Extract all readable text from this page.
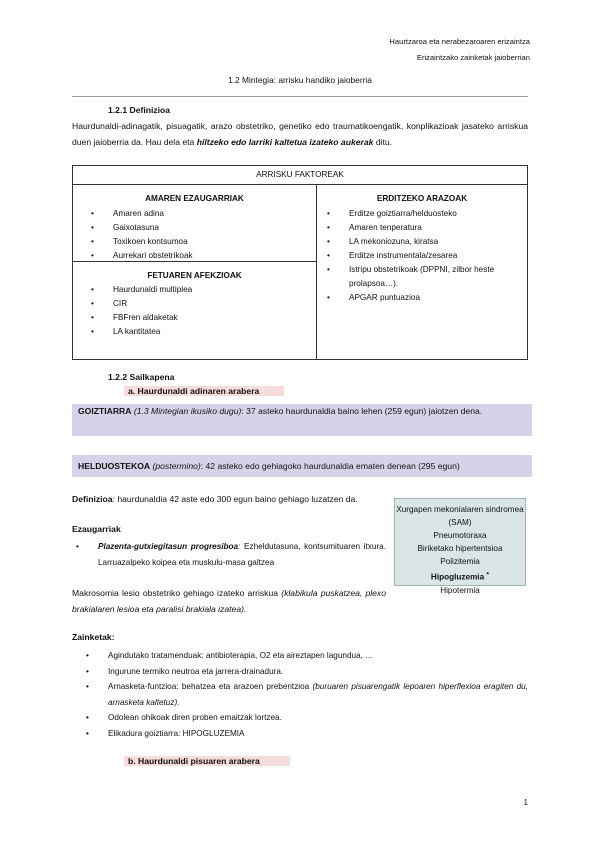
Haurtzaroa eta nerabezaroaren erizaintza
Erizaintzako zainketak jaioberrian
1.2 Mintegia: arrisku handiko jaioberria
1.2.1 Definizioa
Haurdunaldi-adinagatik, pisuagatik, arazo obstetriko, genetiko edo traumatikoengatik, konplikazioak jasateko arriskua duen jaioberria da. Hau dela eta hiltzeko edo larriki kaltetua izateko aukerak ditu.
ARRISKU FAKTOREAK
AMAREN EZAUGARRIAK
• Amaren adina
• Gaixotasuna
• Toxikoen kontsumoa
• Aurrekari obstetrikoak
FETUAREN AFEKZIOAK
• Haurdunaldi multiplea
• CIR
• FBFren aldaketak
• LA kantitatea
ERDITZEKO ARAZOAK
• Erditze goiztiarra/helduosteko
• Amaren tenperatura
• LA mekoniozuna, kiratsa
• Erditze instrumentala/zesarea
• Istripu obstetrikoak (DPPNI, zilbor heste prolapsoa…).
• APGAR puntuazioa
1.2.2 Sailkapena
a. Haurdunaldi adinaren arabera
GOIZTIARRA (1.3 Mintegian ikusiko dugu): 37 asteko haurdunaldia baino lehen (259 egun) jaiotzen dena.
HELDUOSTEKOA (postermino): 42 asteko edo gehiagoko haurdunaldia ematen denean (295 egun)
Definizioa: haurdunaldia 42 aste edo 300 egun baino gehiago luzatzen da.
Ezaugarriak
• Plazenta-gutxiegitasun progresiboa: Ezheldutasuna, kontsumituaren itxura. Larruazalpeko koipea eta muskulu-masa galtzea
Makrosomia lesio obstetriko gehiago izateko arriskua (klabikula puskatzea, plexo brakialaren lesioa eta paralisi brakiala izatea).
Xurgapen mekonialaren sindromea (SAM)
Pneumotoraxa
Biriketako hipertentsioa
Polizitemia
Hipogluzemia *
Hipotermia
Zainketak:
• Agindutako tratamenduak: antibioterapia, O2 eta aireztapen lagundua, …
• Ingurune termiko neutroa eta jarrera-drainadura.
• Arnasketa-funtzioa: behatzea eta arazoen prebentzioa (buruaren pisuarengatik lepoaren hiperflexioa eragiten du, arnasketa kaltetuz).
• Odolean ohikoak diren proben emaitzak lortzea.
• Elikadura goiztiarra: HIPOGLUZEMIA
b. Haurdunaldi pisuaren arabera
1
